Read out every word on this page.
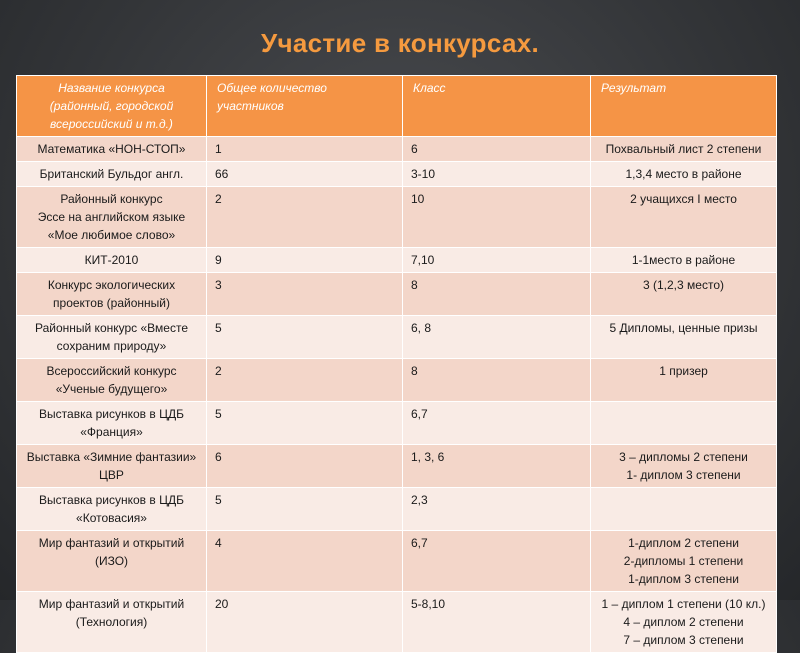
Участие в конкурсах.
Название конкурса
(районный, городской
всероссийский и т.д.)	Общее количество участников	Класс	Результат
Математика «НОН-СТОП»	1	6	Похвальный лист 2 степени
Британский Бульдог англ.	66	3-10	1,3,4 место в районе
Районный конкурс
Эссе на английском языке
«Мое любимое слово»	2	10	2 учащихся I место
КИТ-2010	9	7,10	1-1место в районе
Конкурс экологических проектов (районный)	3	8	3 (1,2,3 место)
Районный конкурс «Вместе сохраним природу»	5	6, 8	5 Дипломы, ценные призы
Всероссийский конкурс «Ученые будущего»	2	8	1 призер
Выставка рисунков в ЦДБ «Франция»	5	6,7	
Выставка «Зимние фантазии» ЦВР	6	1, 3, 6	3 – дипломы 2 степени
1- диплом 3 степени
Выставка рисунков в ЦДБ «Котовасия»	5	2,3	
Мир фантазий и открытий (ИЗО)	4	6,7	1-диплом 2 степени
2-дипломы 1 степени
1-диплом 3 степени
Мир фантазий и открытий (Технология)	20	5-8,10	1 – диплом 1 степени (10 кл.)
4 – диплом 2 степени
7 – диплом 3 степени
